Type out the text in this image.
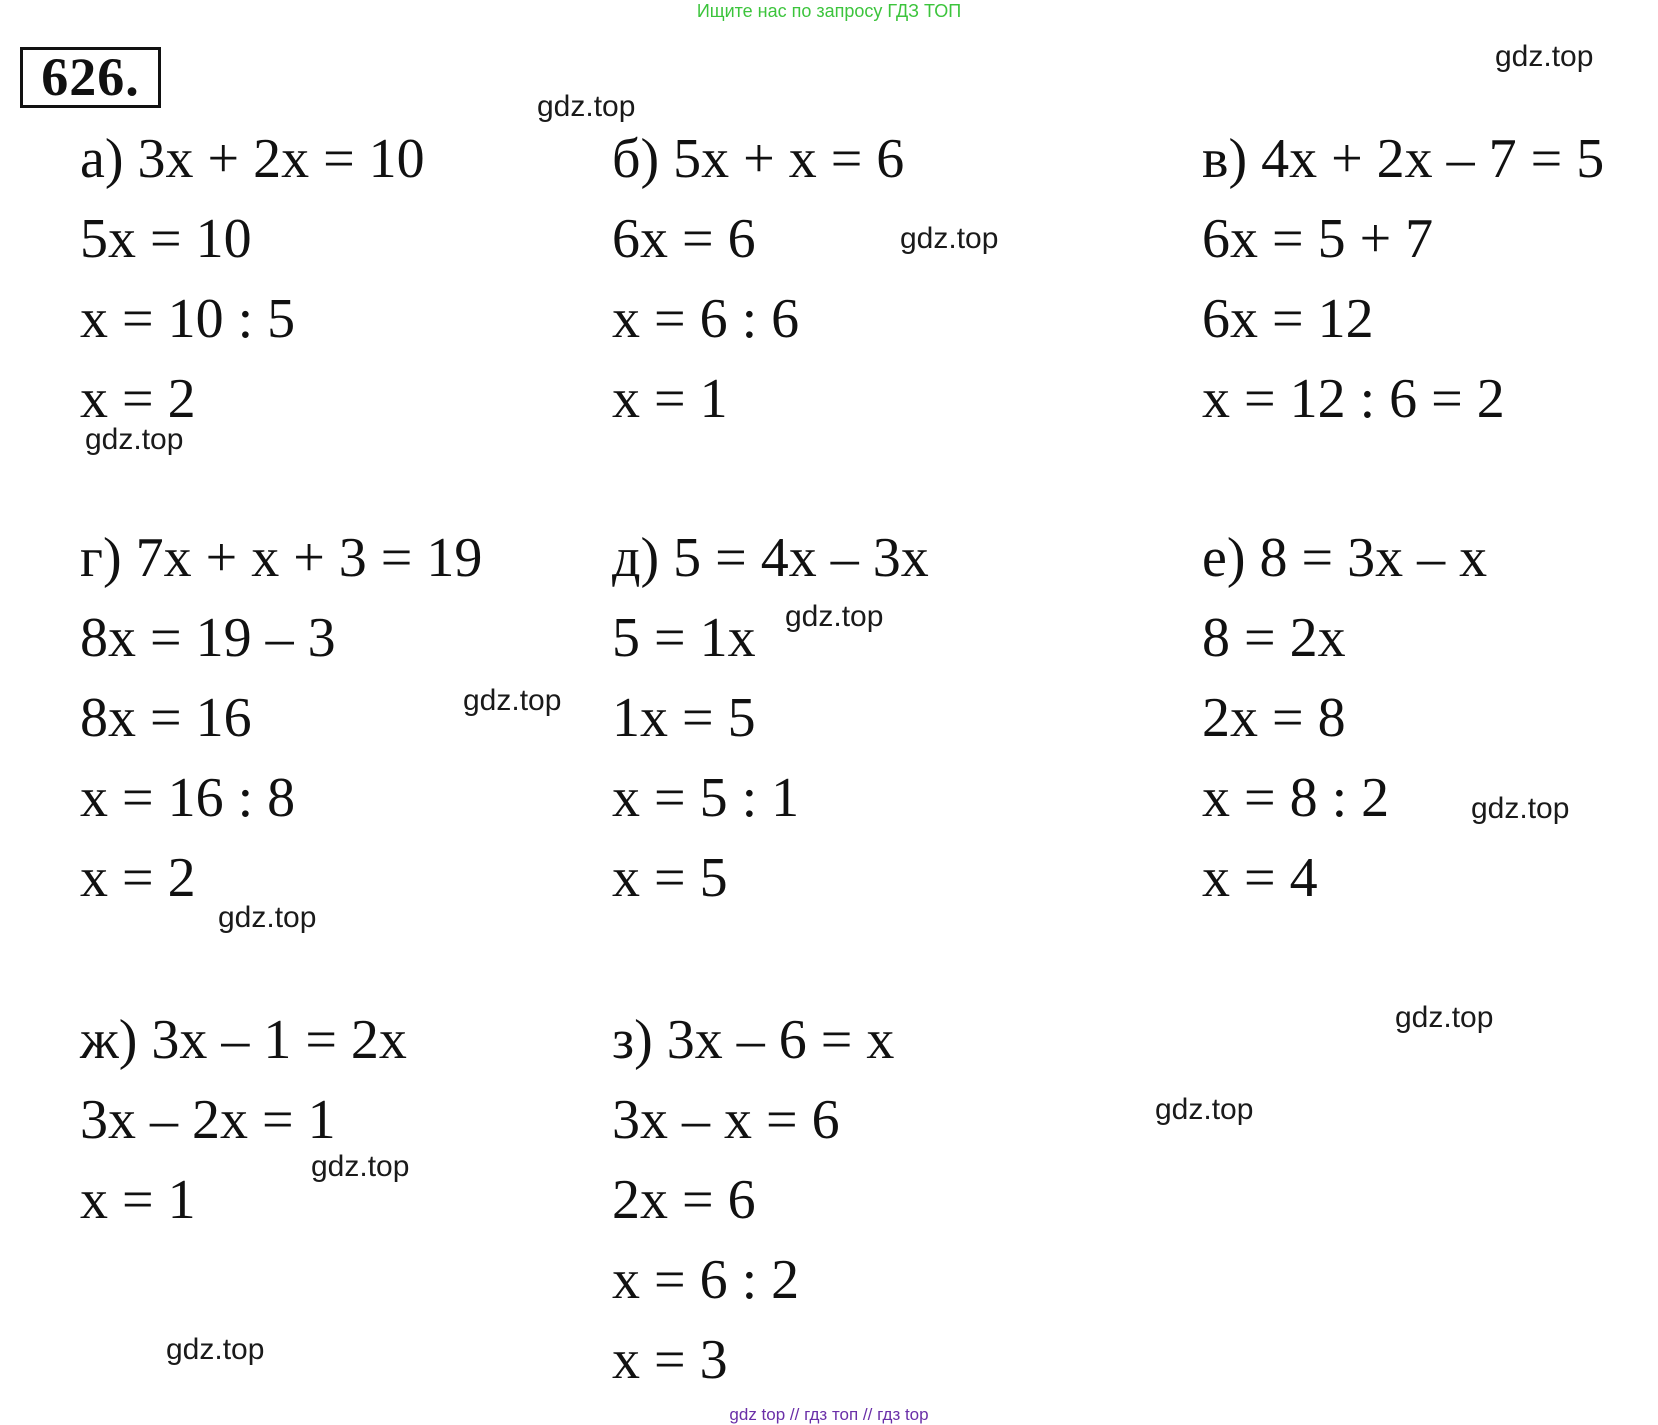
Ищите нас по запросу ГДЗ ТОП
626.
а) 3x + 2x = 10
5x = 10
x = 10 : 5
x = 2
б) 5x + x = 6
6x = 6
x = 6 : 6
x = 1
в) 4x + 2x – 7 = 5
6x = 5 + 7
6x = 12
x = 12 : 6 = 2
г) 7x + x + 3 = 19
8x = 19 – 3
8x = 16
x = 16 : 8
x = 2
д) 5 = 4x – 3x
5 = 1x
1x = 5
x = 5 : 1
x = 5
е) 8 = 3x – x
8 = 2x
2x = 8
x = 8 : 2
x = 4
ж) 3x – 1 = 2x
3x – 2x = 1
x = 1
з) 3x – 6 = x
3x – x = 6
2x = 6
x = 6 : 2
x = 3
gdz.top
gdz.top
gdz.top
gdz.top
gdz.top
gdz.top
gdz.top
gdz.top
gdz.top
gdz.top
gdz.top
gdz.top
gdz top // гдз топ // гдз top
